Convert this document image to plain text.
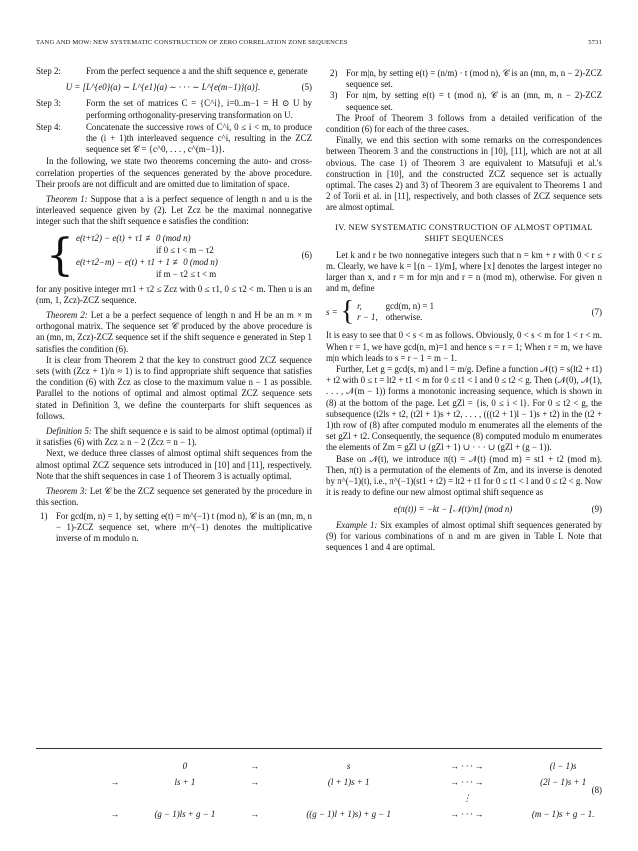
TANG AND MOW: NEW SYSTEMATIC CONSTRUCTION OF ZERO CORRELATION ZONE SEQUENCES	5731
Step 2:	From the perfect sequence a and the shift sequence e, generate
U = [L^{e0}(a) ∼ L^{e1}(a) ∼ · · · ∼ L^{e(m−1)}(a)].	(5)
Step 3:	Form the set of matrices C = {C^i}, i=0..m−1 = H ⊙ U by performing orthogonality-preserving transformation on U.
Step 4:	Concatenate the successive rows of C^i, 0 ≤ i < m, to produce the (i + 1)th interleaved sequence c^i, resulting in the ZCZ sequence set 𝒞 = {c^0, . . . , c^(m−1)}.

In the following, we state two theorems concerning the auto- and cross-correlation properties of the sequences generated by the above procedure. Their proofs are not difficult and are omitted due to limitation of space.

Theorem 1: Suppose that a is a perfect sequence of length n and u is the interleaved sequence given by (2). Let Zcz be the maximal nonnegative integer such that the shift sequence e satisfies the condition:

{ e(t+τ2) − e(t) + τ1 ≢ 0 (mod n)
if 0 ≤ t < m − τ2
e(t+τ2−m) − e(t) + τ1 + 1 ≢ 0 (mod n)
if m − τ2 ≤ t < m
(6)

for any positive integer mτ1 + τ2 ≤ Zcz with 0 ≤ τ1, 0 ≤ τ2 < m. Then u is an (nm, 1, Zcz)-ZCZ sequence.

Theorem 2: Let a be a perfect sequence of length n and H be an m × m orthogonal matrix. The sequence set 𝒞 produced by the above procedure is an (mn, m, Zcz)-ZCZ sequence set if the shift sequence e generated in Step 1 satisfies the condition (6).

It is clear from Theorem 2 that the key to construct good ZCZ sequence sets (with (Zcz + 1)/n ≈ 1) is to find appropriate shift sequence that satisfies the condition (6) with Zcz as close to the maximum value n − 1 as possible. Parallel to the notions of optimal and almost optimal ZCZ sequence sets stated in Definition 3, we define the counterparts for shift sequences as follows.

Definition 5: The shift sequence e is said to be almost optimal (optimal) if it satisfies (6) with Zcz ≥ n − 2 (Zcz = n − 1).

Next, we deduce three classes of almost optimal shift sequences from the almost optimal ZCZ sequence sets introduced in [10] and [11], respectively. Note that the shift sequences in case 1 of Theorem 3 is actually optimal.

Theorem 3: Let 𝒞 be the ZCZ sequence set generated by the procedure in this section.

1) For gcd(m, n) = 1, by setting e(t) = m^(−1) t (mod n), 𝒞 is an (mn, m, n − 1)-ZCZ sequence set, where m^(−1) denotes the multiplicative inverse of m modulo n.
2) For m|n, by setting e(t) = (n/m) · t (mod n), 𝒞 is an (mn, m, n − 2)-ZCZ sequence set.
3) For n|m, by setting e(t) = t (mod n), 𝒞 is an (mn, m, n − 2)-ZCZ sequence set.

The Proof of Theorem 3 follows from a detailed verification of the condition (6) for each of the three cases.

Finally, we end this section with some remarks on the correspondences between Theorem 3 and the constructions in [10], [11], which are not at all obvious. The case 1) of Theorem 3 are equivalent to Matsufuji et al.'s construction in [10], and the constructed ZCZ sequence set is actually optimal. The cases 2) and 3) of Theorem 3 are equivalent to Theorems 1 and 2 of Torii et al. in [11], respectively, and both classes of ZCZ sequence sets are almost optimal.

IV. NEW SYSTEMATIC CONSTRUCTION OF ALMOST OPTIMAL
SHIFT SEQUENCES

Let k and r be two nonnegative integers such that n = km + r with 0 < r ≤ m. Clearly, we have k = ⌊(n − 1)/m⌋, where ⌊x⌋ denotes the largest integer no larger than x, and r = m for m|n and r = n (mod m), otherwise. For given n and m, define

s = { r,	gcd(m, n) = 1
r − 1,	otherwise.
(7)

It is easy to see that 0 < s < m as follows. Obviously, 0 < s < m for 1 < r < m. When r = 1, we have gcd(n, m)=1 and hence s = r = 1; When r = m, we have m|n which leads to s = r − 1 = m − 1.

Further, Let g = gcd(s, m) and l = m/g. Define a function 𝒩(t) = s(lt2 + t1) + t2 with 0 ≤ t = lt2 + t1 < m for 0 ≤ t1 < l and 0 ≤ t2 < g. Then (𝒩(0), 𝒩(1), . . . , 𝒩(m − 1)) forms a monotonic increasing sequence, which is shown in (8) at the bottom of the page. Let gZl = {is, 0 ≤ i < l}. For 0 ≤ t2 < g, the subsequence (t2ls + t2, (t2l + 1)s + t2, . . . , (((t2 + 1)l − 1)s + t2) in the (t2 + 1)th row of (8) after computed modulo m enumerates all the elements of the set gZl + t2. Consequently, the sequence (8) computed modulo m enumerates the elements of Zm = gZl ∪ (gZl + 1) ∪ · · · ∪ (gZl + (g − 1)).

Base on 𝒩(t), we introduce π(t) = 𝒩(t) (mod m) = st1 + t2 (mod m). Then, π(t) is a permutation of the elements of Zm, and its inverse is denoted by π^(−1)(t), i.e., π^(−1)(st1 + t2) = lt2 + t1 for 0 ≤ t1 < l and 0 ≤ t2 < g. Now it is ready to define our new almost optimal shift sequence as

e(π(t)) = −kt − ⌊𝒩(t)/m⌋ (mod n)	(9)

Example 1: Six examples of almost optimal shift sequences generated by (9) for various combinations of n and m are given in Table I. Note that sequences 1 and 4 are optimal.

	0	→	s	→ · · · →	(l − 1)s
→	ls + 1	→	(l + 1)s + 1	→ · · · →	(2l − 1)s + 1
				⋮	
→	(g − 1)ls + g − 1	→	((g − 1)l + 1)s) + g − 1	→ · · · →	(m − 1)s + g − 1.
(8)
